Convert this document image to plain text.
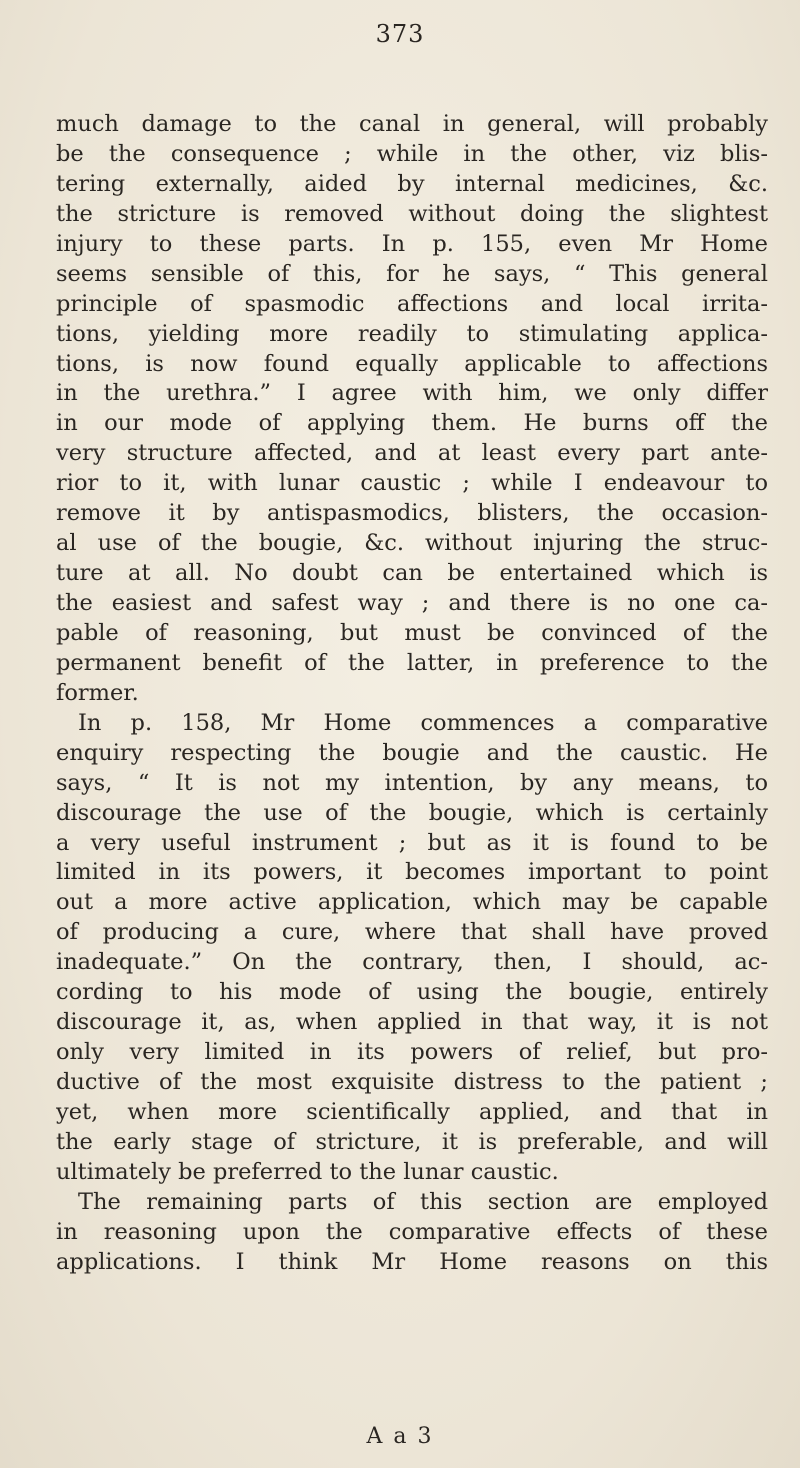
373
much damage to the canal in general, will probably
be the consequence ; while in the other, viz blis-
tering externally, aided by internal medicines, &c.
the stricture is removed without doing the slightest
injury to these parts. In p. 155, even Mr Home
seems sensible of this, for he says, “ This general
principle of spasmodic affections and local irrita-
tions, yielding more readily to stimulating applica-
tions, is now found equally applicable to affections
in the urethra.” I agree with him, we only differ
in our mode of applying them. He burns off the
very structure affected, and at least every part ante-
rior to it, with lunar caustic ; while I endeavour to
remove it by antispasmodics, blisters, the occasion-
al use of the bougie, &c. without injuring the struc-
ture at all. No doubt can be entertained which is
the easiest and safest way ; and there is no one ca-
pable of reasoning, but must be convinced of the
permanent benefit of the latter, in preference to the
former.
In p. 158, Mr Home commences a comparative
enquiry respecting the bougie and the caustic. He
says, “ It is not my intention, by any means, to
discourage the use of the bougie, which is certainly
a very useful instrument ; but as it is found to be
limited in its powers, it becomes important to point
out a more active application, which may be capable
of producing a cure, where that shall have proved
inadequate.” On the contrary, then, I should, ac-
cording to his mode of using the bougie, entirely
discourage it, as, when applied in that way, it is not
only very limited in its powers of relief, but pro-
ductive of the most exquisite distress to the patient ;
yet, when more scientifically applied, and that in
the early stage of stricture, it is preferable, and will
ultimately be preferred to the lunar caustic.
The remaining parts of this section are employed
in reasoning upon the comparative effects of these
applications. I think Mr Home reasons on this
A a 3
